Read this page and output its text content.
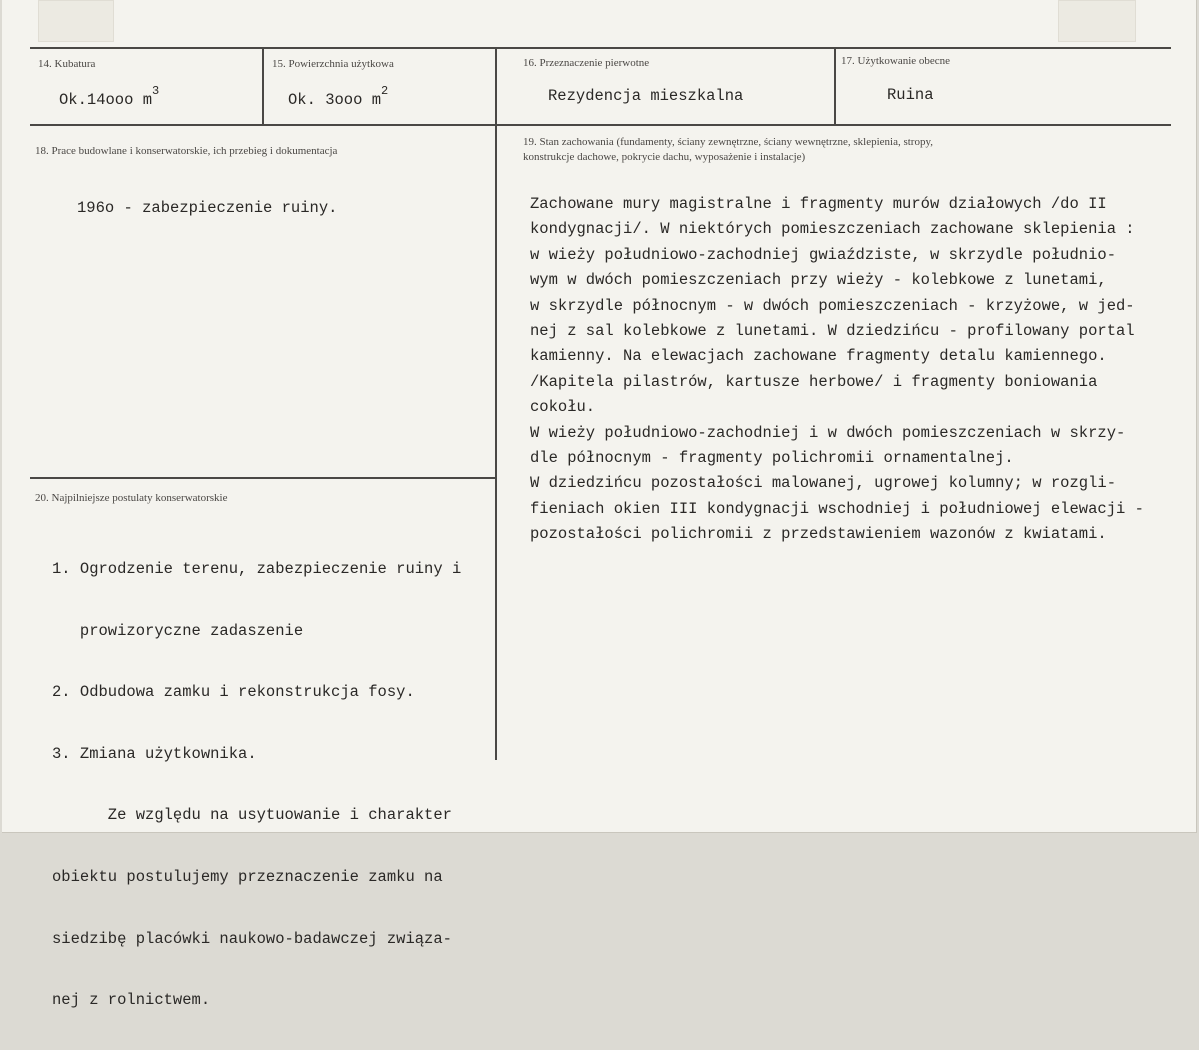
14. Kubatura
Ok.14ooo $m^3$
15. Powierzchnia użytkowa
Ok. 3ooo $m^2$
16. Przeznaczenie pierwotne
Rezydencja mieszkalna
17. Użytkowanie obecne
Ruina
18. Prace budowlane i konserwatorskie, ich przebieg i dokumentacja
196o - zabezpieczenie ruiny.
19. Stan zachowania (fundamenty, ściany zewnętrzne, ściany wewnętrzne, sklepienia, stropy,
konstrukcje dachowe, pokrycie dachu, wyposażenie i instalacje)
Zachowane mury magistralne i fragmenty murów działowych /do II
kondygnacji/. W niektórych pomieszczeniach zachowane sklepienia :
w wieży południowo-zachodniej gwiaździste, w skrzydle południo-
wym w dwóch pomieszczeniach przy wieży - kolebkowe z lunetami,
w skrzydle północnym - w dwóch pomieszczeniach - krzyżowe, w jed-
nej z sal kolebkowe z lunetami. W dziedzińcu - profilowany portal
kamienny. Na elewacjach zachowane fragmenty detalu kamiennego.
/Kapitela pilastrów, kartusze herbowe/ i fragmenty boniowania
cokołu.
W wieży południowo-zachodniej i w dwóch pomieszczeniach w skrzy-
dle północnym - fragmenty polichromii ornamentalnej.
W dziedzińcu pozostałości malowanej, ugrowej kolumny; w rozgli-
fieniach okien III kondygnacji wschodniej i południowej elewacji -
pozostałości polichromii z przedstawieniem wazonów z kwiatami.
20. Najpilniejsze postulaty konserwatorskie

1. Ogrodzenie terenu, zabezpieczenie ruiny i

prowizoryczne zadaszenie

2. Odbudowa zamku i rekonstrukcja fosy.

3. Zmiana użytkownika.

Ze względu na usytuowanie i charakter

obiektu postulujemy przeznaczenie zamku na

siedzibę placówki naukowo-badawczej związa-

nej z rolnictwem.
